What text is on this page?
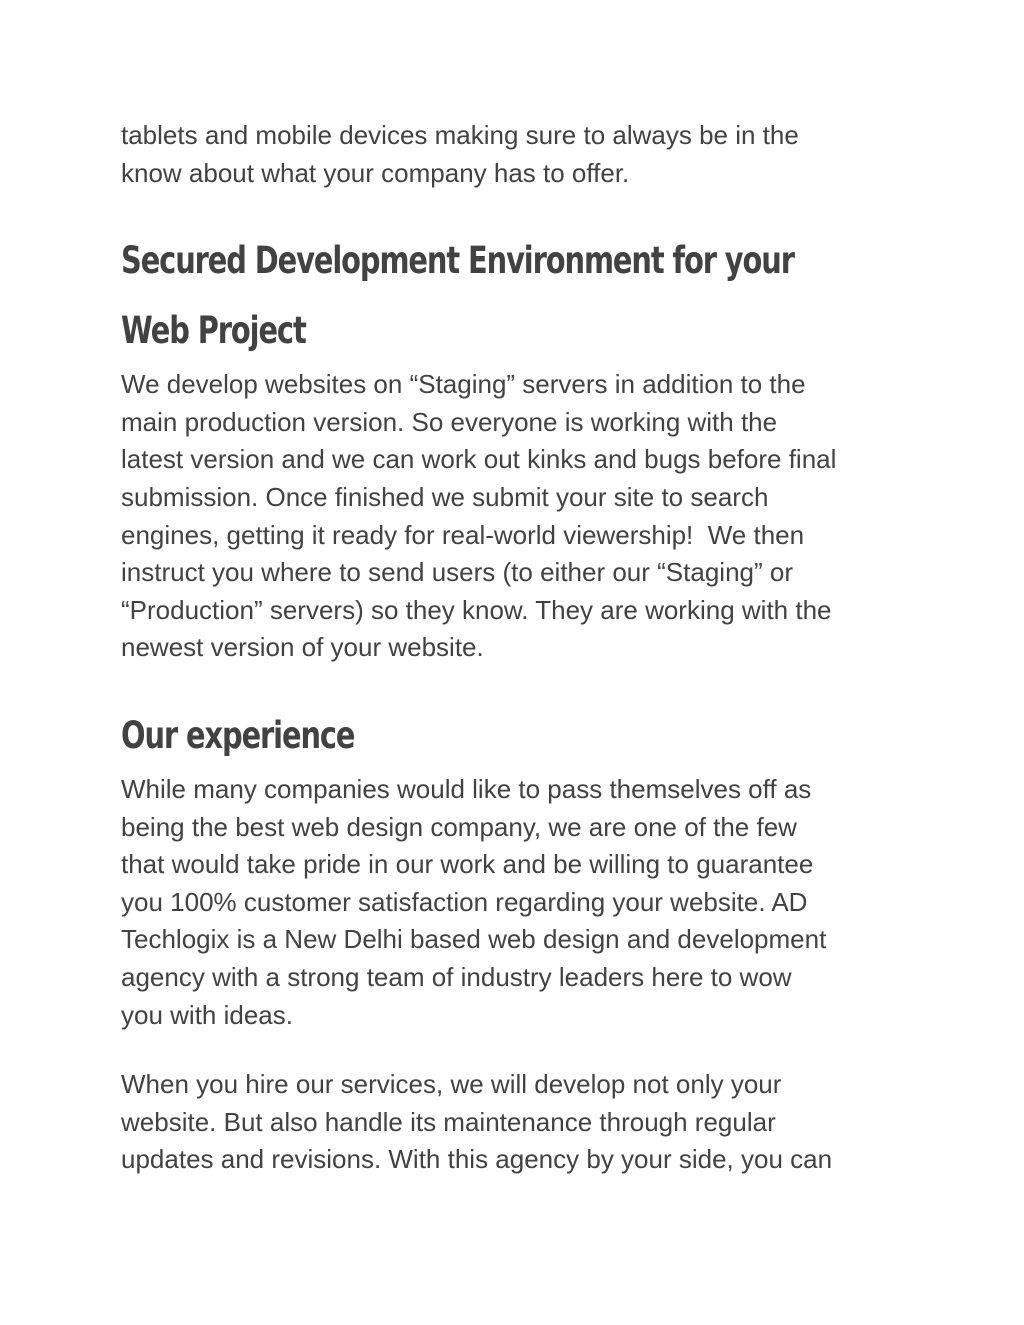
tablets and mobile devices making sure to always be in the
know about what your company has to offer.

Secured Development Environment for your
Web Project

We develop websites on “Staging” servers in addition to the
main production version. So everyone is working with the
latest version and we can work out kinks and bugs before final
submission. Once finished we submit your site to search
engines, getting it ready for real-world viewership!  We then
instruct you where to send users (to either our “Staging” or
“Production” servers) so they know. They are working with the
newest version of your website.

Our experience

While many companies would like to pass themselves off as
being the best web design company, we are one of the few
that would take pride in our work and be willing to guarantee
you 100% customer satisfaction regarding your website. AD
Techlogix is a New Delhi based web design and development
agency with a strong team of industry leaders here to wow
you with ideas.

When you hire our services, we will develop not only your
website. But also handle its maintenance through regular
updates and revisions. With this agency by your side, you can
